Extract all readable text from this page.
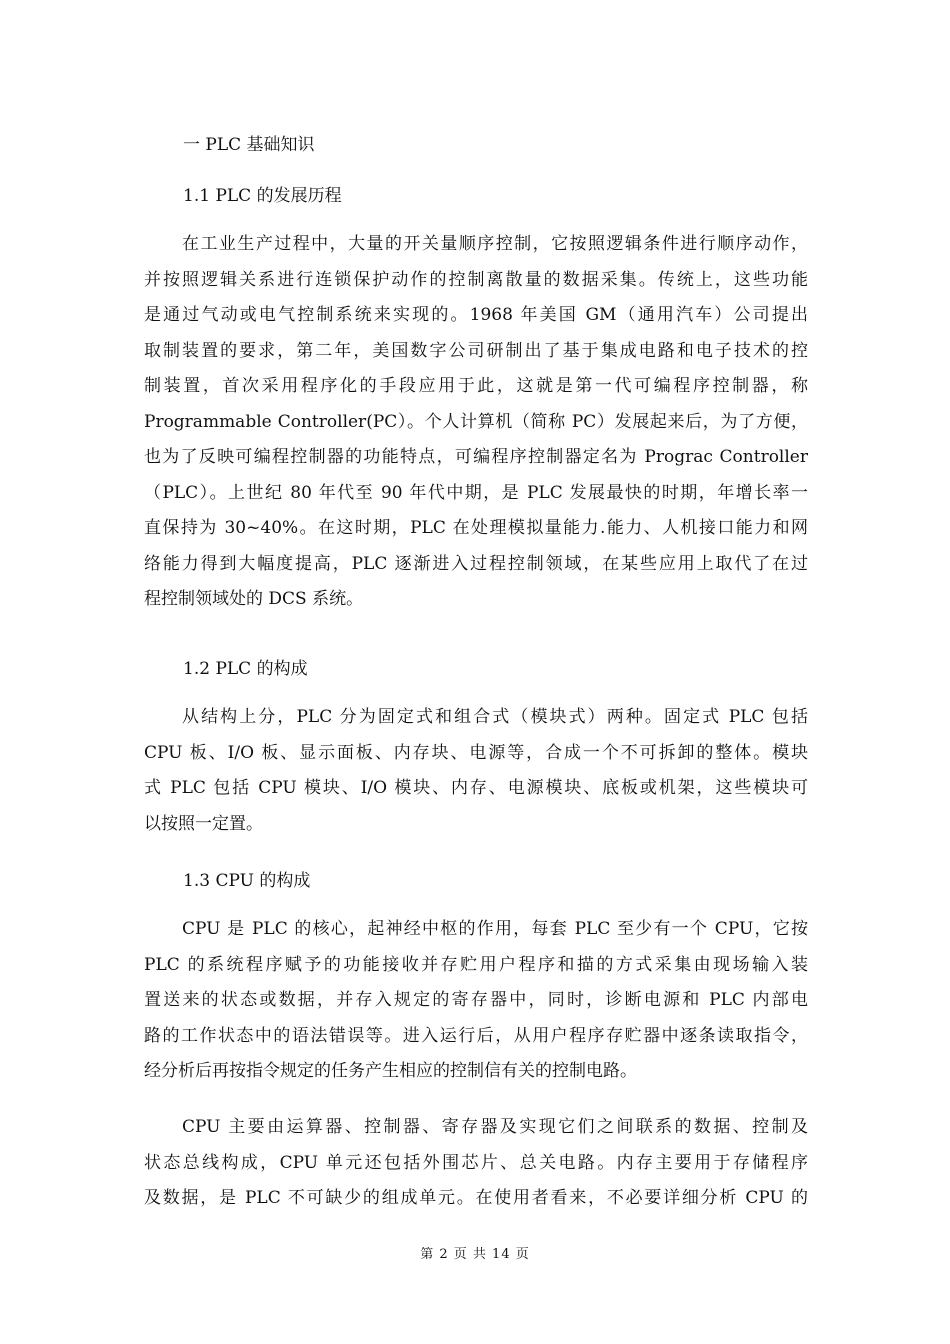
一 PLC 基础知识
1.1 PLC 的发展历程
在工业生产过程中，大量的开关量顺序控制，它按照逻辑条件进行顺序动作，
并按照逻辑关系进行连锁保护动作的控制离散量的数据采集。传统上，这些功能
是通过气动或电气控制系统来实现的。1968 年美国 GM（通用汽车）公司提出
取制装置的要求，第二年，美国数字公司研制出了基于集成电路和电子技术的控
制装置，首次采用程序化的手段应用于此，这就是第一代可编程序控制器，称
Programmable Controller(PC）。个人计算机（简称 PC）发展起来后，为了方便，
也为了反映可编程控制器的功能特点，可编程序控制器定名为 Prograc Controller
（PLC）。上世纪 80 年代至 90 年代中期，是 PLC 发展最快的时期，年增长率一
直保持为 30~40%。在这时期，PLC 在处理模拟量能力.能力、人机接口能力和网
络能力得到大幅度提高，PLC 逐渐进入过程控制领域，在某些应用上取代了在过
程控制领域处的 DCS 系统。
1.2 PLC 的构成
从结构上分，PLC 分为固定式和组合式（模块式）两种。固定式 PLC 包括
CPU 板、I/O 板、显示面板、内存块、电源等，合成一个不可拆卸的整体。模块
式 PLC 包括 CPU 模块、I/O 模块、内存、电源模块、底板或机架，这些模块可
以按照一定置。
1.3 CPU 的构成
CPU 是 PLC 的核心，起神经中枢的作用，每套 PLC 至少有一个 CPU，它按
PLC 的系统程序赋予的功能接收并存贮用户程序和描的方式采集由现场输入装
置送来的状态或数据，并存入规定的寄存器中，同时，诊断电源和 PLC 内部电
路的工作状态中的语法错误等。进入运行后，从用户程序存贮器中逐条读取指令，
经分析后再按指令规定的任务产生相应的控制信有关的控制电路。
CPU 主要由运算器、控制器、寄存器及实现它们之间联系的数据、控制及
状态总线构成，CPU 单元还包括外围芯片、总关电路。内存主要用于存储程序
及数据，是 PLC 不可缺少的组成单元。在使用者看来，不必要详细分析 CPU 的
第 2 页 共 14 页
